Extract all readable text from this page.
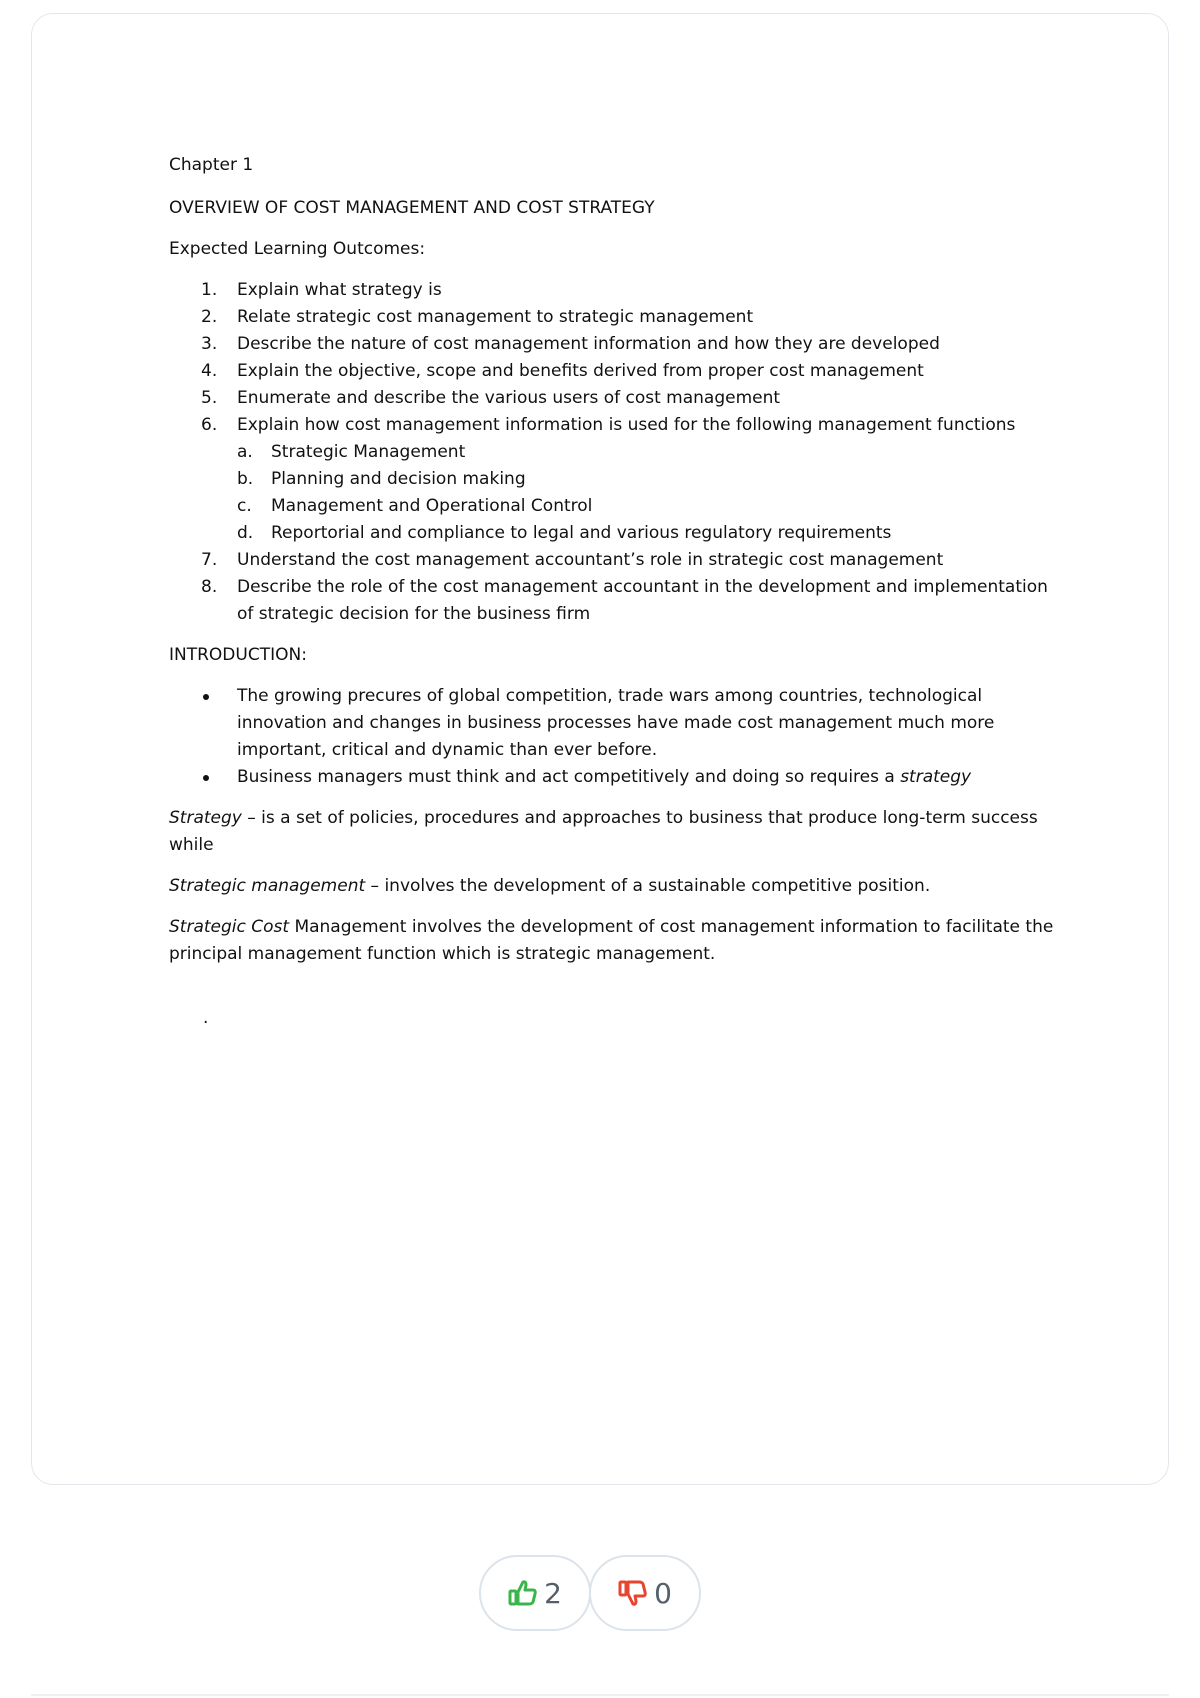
Chapter 1

OVERVIEW OF COST MANAGEMENT AND COST STRATEGY

Expected Learning Outcomes:

1. Explain what strategy is
2. Relate strategic cost management to strategic management
3. Describe the nature of cost management information and how they are developed
4. Explain the objective, scope and benefits derived from proper cost management
5. Enumerate and describe the various users of cost management
6. Explain how cost management information is used for the following management functions
a. Strategic Management
b. Planning and decision making
c. Management and Operational Control
d. Reportorial and compliance to legal and various regulatory requirements
7. Understand the cost management accountant’s role in strategic cost management
8. Describe the role of the cost management accountant in the development and implementation of strategic decision for the business firm

INTRODUCTION:

The growing precures of global competition, trade wars among countries, technological innovation and changes in business processes have made cost management much more important, critical and dynamic than ever before.
Business managers must think and act competitively and doing so requires a strategy

Strategy – is a set of policies, procedures and approaches to business that produce long-term success while

Strategic management – involves the development of a sustainable competitive position.

Strategic Cost Management involves the development of cost management information to facilitate the principal management function which is strategic management.

.
2	0
